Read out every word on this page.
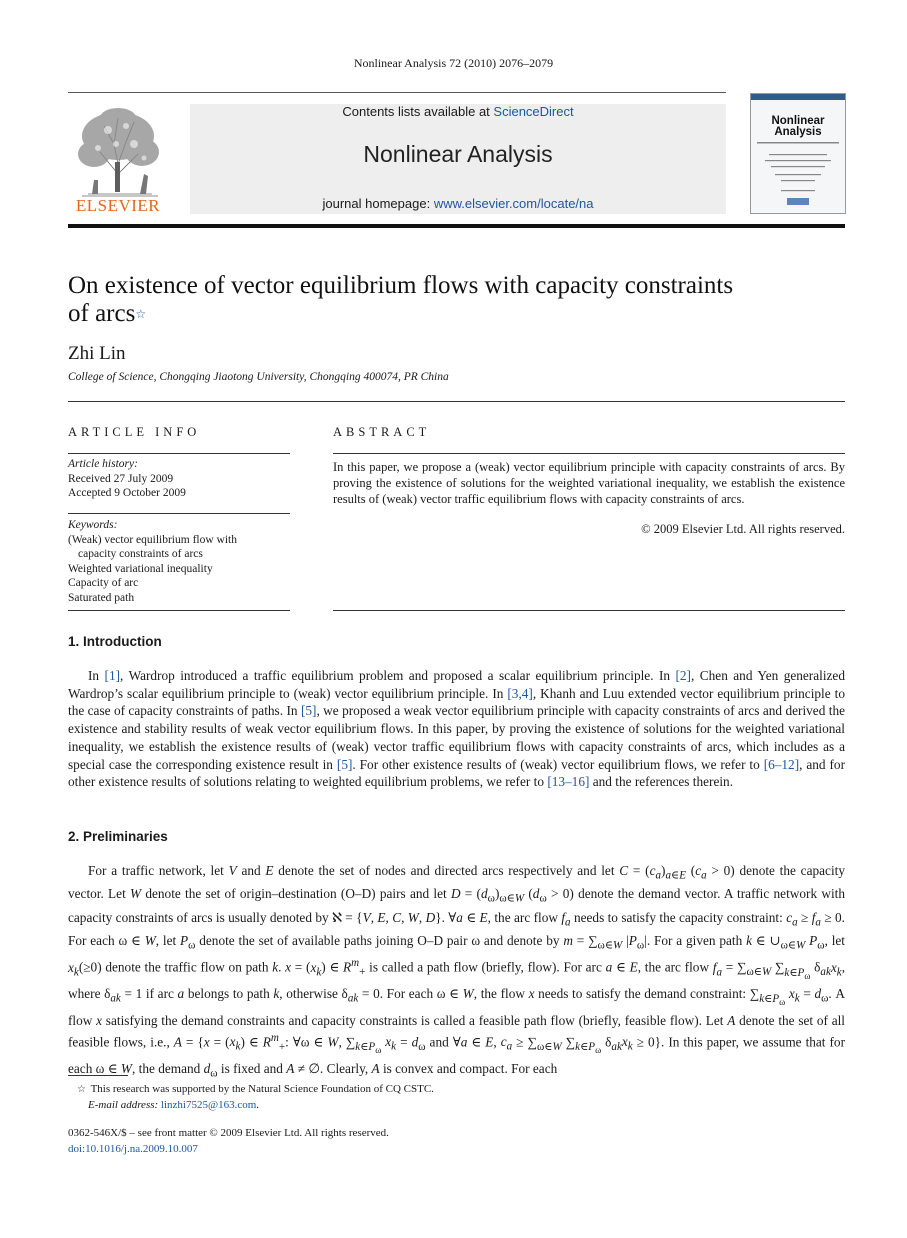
Nonlinear Analysis 72 (2010) 2076–2079
ELSEVIER
Contents lists available at ScienceDirect
Nonlinear Analysis
journal homepage: www.elsevier.com/locate/na
Nonlinear Analysis
On existence of vector equilibrium flows with capacity constraints
of arcs☆
Zhi Lin
College of Science, Chongqing Jiaotong University, Chongqing 400074, PR China
ARTICLE INFO
Article history:
Received 27 July 2009
Accepted 9 October 2009
Keywords:
(Weak) vector equilibrium flow with
capacity constraints of arcs
Weighted variational inequality
Capacity of arc
Saturated path
ABSTRACT
In this paper, we propose a (weak) vector equilibrium principle with capacity constraints of arcs. By proving the existence of solutions for the weighted variational inequality, we establish the existence results of (weak) vector traffic equilibrium flows with capacity constraints of arcs.
© 2009 Elsevier Ltd. All rights reserved.
1. Introduction

In [1], Wardrop introduced a traffic equilibrium problem and proposed a scalar equilibrium principle. In [2], Chen and Yen generalized Wardrop’s scalar equilibrium principle to (weak) vector equilibrium principle. In [3,4], Khanh and Luu extended vector equilibrium principle to the case of capacity constraints of paths. In [5], we proposed a weak vector equilibrium principle with capacity constraints of arcs and derived the existence and stability results of weak vector equilibrium flows. In this paper, by proving the existence of solutions for the weighted variational inequality, we establish the existence results of (weak) vector traffic equilibrium flows with capacity constraints of arcs, which includes as a special case the corresponding existence result in [5]. For other existence results of (weak) vector equilibrium flows, we refer to [6–12], and for other existence results of solutions relating to weighted equilibrium problems, we refer to [13–16] and the references therein.

2. Preliminaries

For a traffic network, let V and E denote the set of nodes and directed arcs respectively and let $C = (c_a)_{a\in E}$ $(c_a > 0)$ denote the capacity vector. Let W denote the set of origin–destination (O–D) pairs and let $D = (d_\omega)_{\omega\in W}$ $(d_\omega > 0)$ denote the demand vector. A traffic network with capacity constraints of arcs is usually denoted by ℵ = {V, E, C, W, D}. ∀a ∈ E, the arc flow $f_a$ needs to satisfy the capacity constraint: $c_a \ge f_a \ge 0$. For each ω ∈ W, let $P_\omega$ denote the set of available paths joining O–D pair ω and denote by $m = \sum_{\omega\in W}$ $|P_\omega|$. For a given path k ∈ $\cup_{\omega\in W}$ $P_\omega$, let $x_k(\ge 0)$ denote the traffic flow on path k. $x = (x_k)$ ∈ $R^m_+$ is called a path flow (briefly, flow). For arc a ∈ E, the arc flow $f_a = \sum_{\omega\in W}$ $\sum_{k\in P_\omega}$ $\delta_{ak}x_k$, where $\delta_{ak} = 1$ if arc a belongs to path k, otherwise $\delta_{ak} = 0$. For each ω ∈ W, the flow x needs to satisfy the demand constraint: $\sum_{k\in P_\omega}$ $x_k = d_\omega$. A flow x satisfying the demand constraints and capacity constraints is called a feasible path flow (briefly, feasible flow). Let A denote the set of all feasible flows, i.e., $A = \{x = (x_k)$ ∈ $R^m_+$: ∀ω ∈ W, $\sum_{k\in P_\omega}$ $x_k = d_\omega$ and ∀a ∈ E, $c_a \ge \sum_{\omega\in W}$ $\sum_{k\in P_\omega}$ $\delta_{ak}x_k \ge 0$}. In this paper, we assume that for each ω ∈ W, the demand $d_\omega$ is fixed and A ≠ ∅. Clearly, A is convex and compact. For each

☆ This research was supported by the Natural Science Foundation of CQ CSTC.
E-mail address: linzhi7525@163.com.
0362-546X/$ – see front matter © 2009 Elsevier Ltd. All rights reserved.
doi:10.1016/j.na.2009.10.007
